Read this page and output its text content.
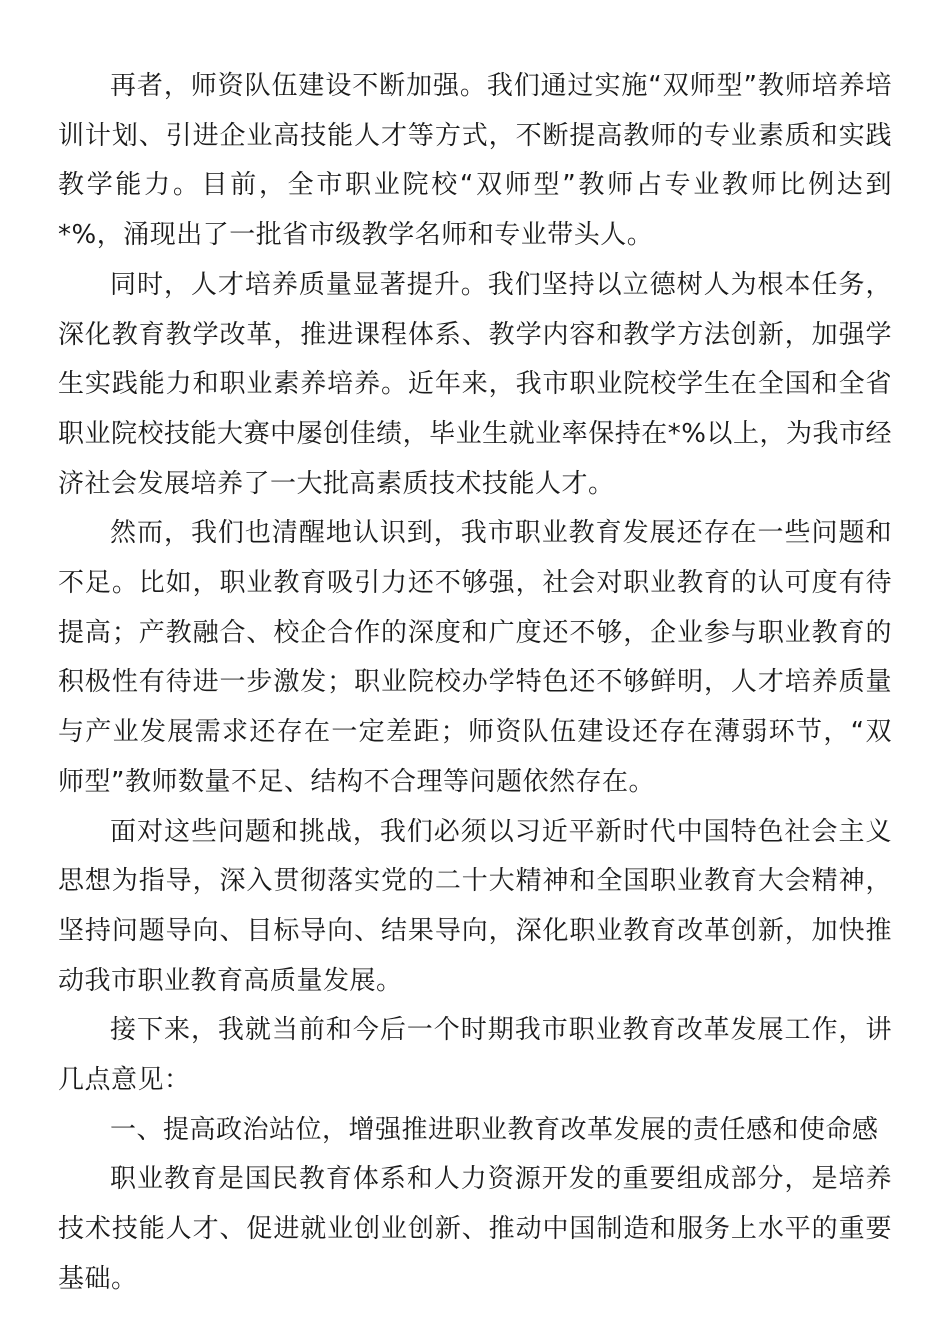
再者，师资队伍建设不断加强。我们通过实施“双师型”教师培养培训计划、引进企业高技能人才等方式，不断提高教师的专业素质和实践教学能力。目前，全市职业院校“双师型”教师占专业教师比例达到*%，涌现出了一批省市级教学名师和专业带头人。

同时，人才培养质量显著提升。我们坚持以立德树人为根本任务，深化教育教学改革，推进课程体系、教学内容和教学方法创新，加强学生实践能力和职业素养培养。近年来，我市职业院校学生在全国和全省职业院校技能大赛中屡创佳绩，毕业生就业率保持在*%以上，为我市经济社会发展培养了一大批高素质技术技能人才。

然而，我们也清醒地认识到，我市职业教育发展还存在一些问题和不足。比如，职业教育吸引力还不够强，社会对职业教育的认可度有待提高；产教融合、校企合作的深度和广度还不够，企业参与职业教育的积极性有待进一步激发；职业院校办学特色还不够鲜明，人才培养质量与产业发展需求还存在一定差距；师资队伍建设还存在薄弱环节，“双师型”教师数量不足、结构不合理等问题依然存在。

面对这些问题和挑战，我们必须以习近平新时代中国特色社会主义思想为指导，深入贯彻落实党的二十大精神和全国职业教育大会精神，坚持问题导向、目标导向、结果导向，深化职业教育改革创新，加快推动我市职业教育高质量发展。

接下来，我就当前和今后一个时期我市职业教育改革发展工作，讲几点意见：

一、提高政治站位，增强推进职业教育改革发展的责任感和使命感

职业教育是国民教育体系和人力资源开发的重要组成部分，是培养技术技能人才、促进就业创业创新、推动中国制造和服务上水平的重要基础。
